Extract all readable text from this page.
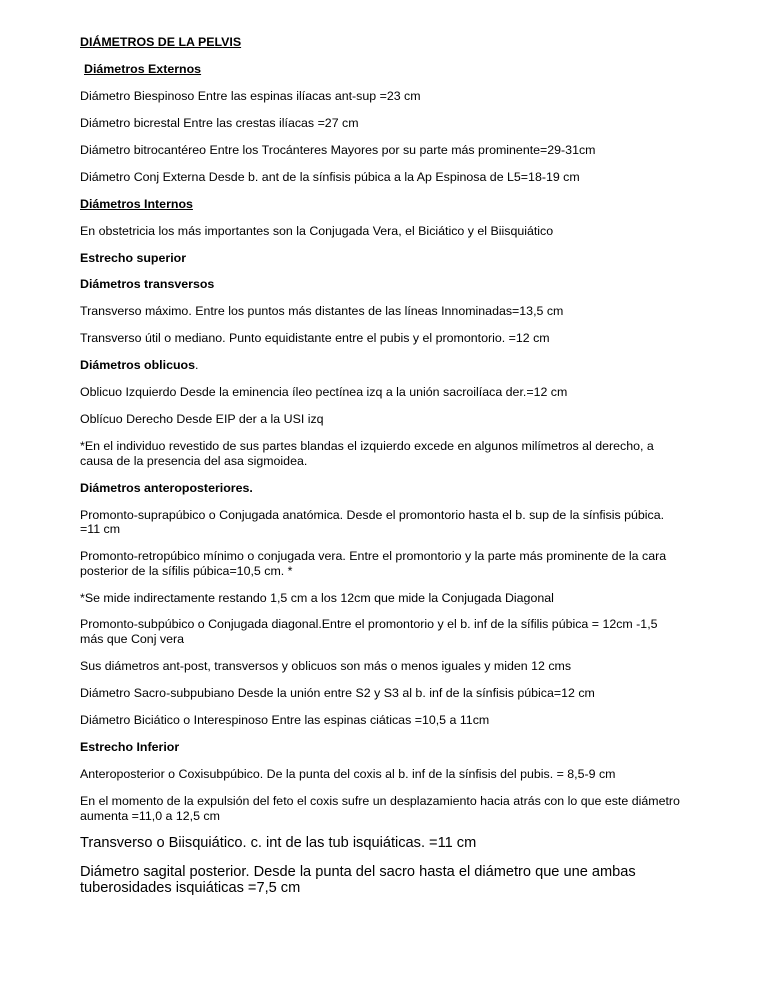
DIÁMETROS DE LA PELVIS

Diámetros Externos

Diámetro Biespinoso Entre las espinas ilíacas ant-sup =23 cm

Diámetro bicrestal Entre las crestas ilíacas =27 cm

Diámetro bitrocantéreo Entre los Trocánteres Mayores por su parte más prominente=29-31cm

Diámetro Conj Externa Desde b. ant de la sínfisis púbica a la Ap Espinosa de L5=18-19 cm

Diámetros Internos

En obstetricia los más importantes son la Conjugada Vera, el Biciático y el Biisquiático

Estrecho superior

Diámetros transversos

Transverso máximo. Entre los puntos más distantes de las líneas Innominadas=13,5 cm

Transverso útil o mediano. Punto equidistante entre el pubis y el promontorio. =12 cm

Diámetros oblicuos.

Oblicuo Izquierdo Desde la eminencia íleo pectínea izq a la unión sacroilíaca der.=12 cm

Oblícuo Derecho Desde EIP der a la USI izq

*En el individuo revestido de sus partes blandas el izquierdo excede en algunos milímetros al derecho, a

causa de la presencia del asa sigmoidea.

Diámetros anteroposteriores.

Promonto-suprapúbico o Conjugada anatómica. Desde el promontorio hasta el b. sup de la sínfisis púbica.

=11 cm

Promonto-retropúbico mínimo o conjugada vera. Entre el promontorio y la parte más prominente de la cara

posterior de la sífilis púbica=10,5 cm. *

*Se mide indirectamente restando 1,5 cm a los 12cm que mide la Conjugada Diagonal

Promonto-subpúbico o Conjugada diagonal.Entre el promontorio y el b. inf de la sífilis púbica = 12cm -1,5

más que Conj vera

Sus diámetros ant-post, transversos y oblicuos son más o menos iguales y miden 12 cms

Diámetro Sacro-subpubiano Desde la unión entre S2 y S3 al b. inf de la sínfisis púbica=12 cm

Diámetro Biciático o Interespinoso Entre las espinas ciáticas =10,5 a 11cm

Estrecho Inferior

Anteroposterior o Coxisubpúbico. De la punta del coxis al b. inf de la sínfisis del pubis. = 8,5-9 cm

En el momento de la expulsión del feto el coxis sufre un desplazamiento hacia atrás con lo que este diámetro

aumenta =11,0 a 12,5 cm

Transverso o Biisquiático. c. int de las tub isquiáticas. =11 cm

Diámetro sagital posterior. Desde la punta del sacro hasta el diámetro que une ambas

tuberosidades isquiáticas =7,5 cm
